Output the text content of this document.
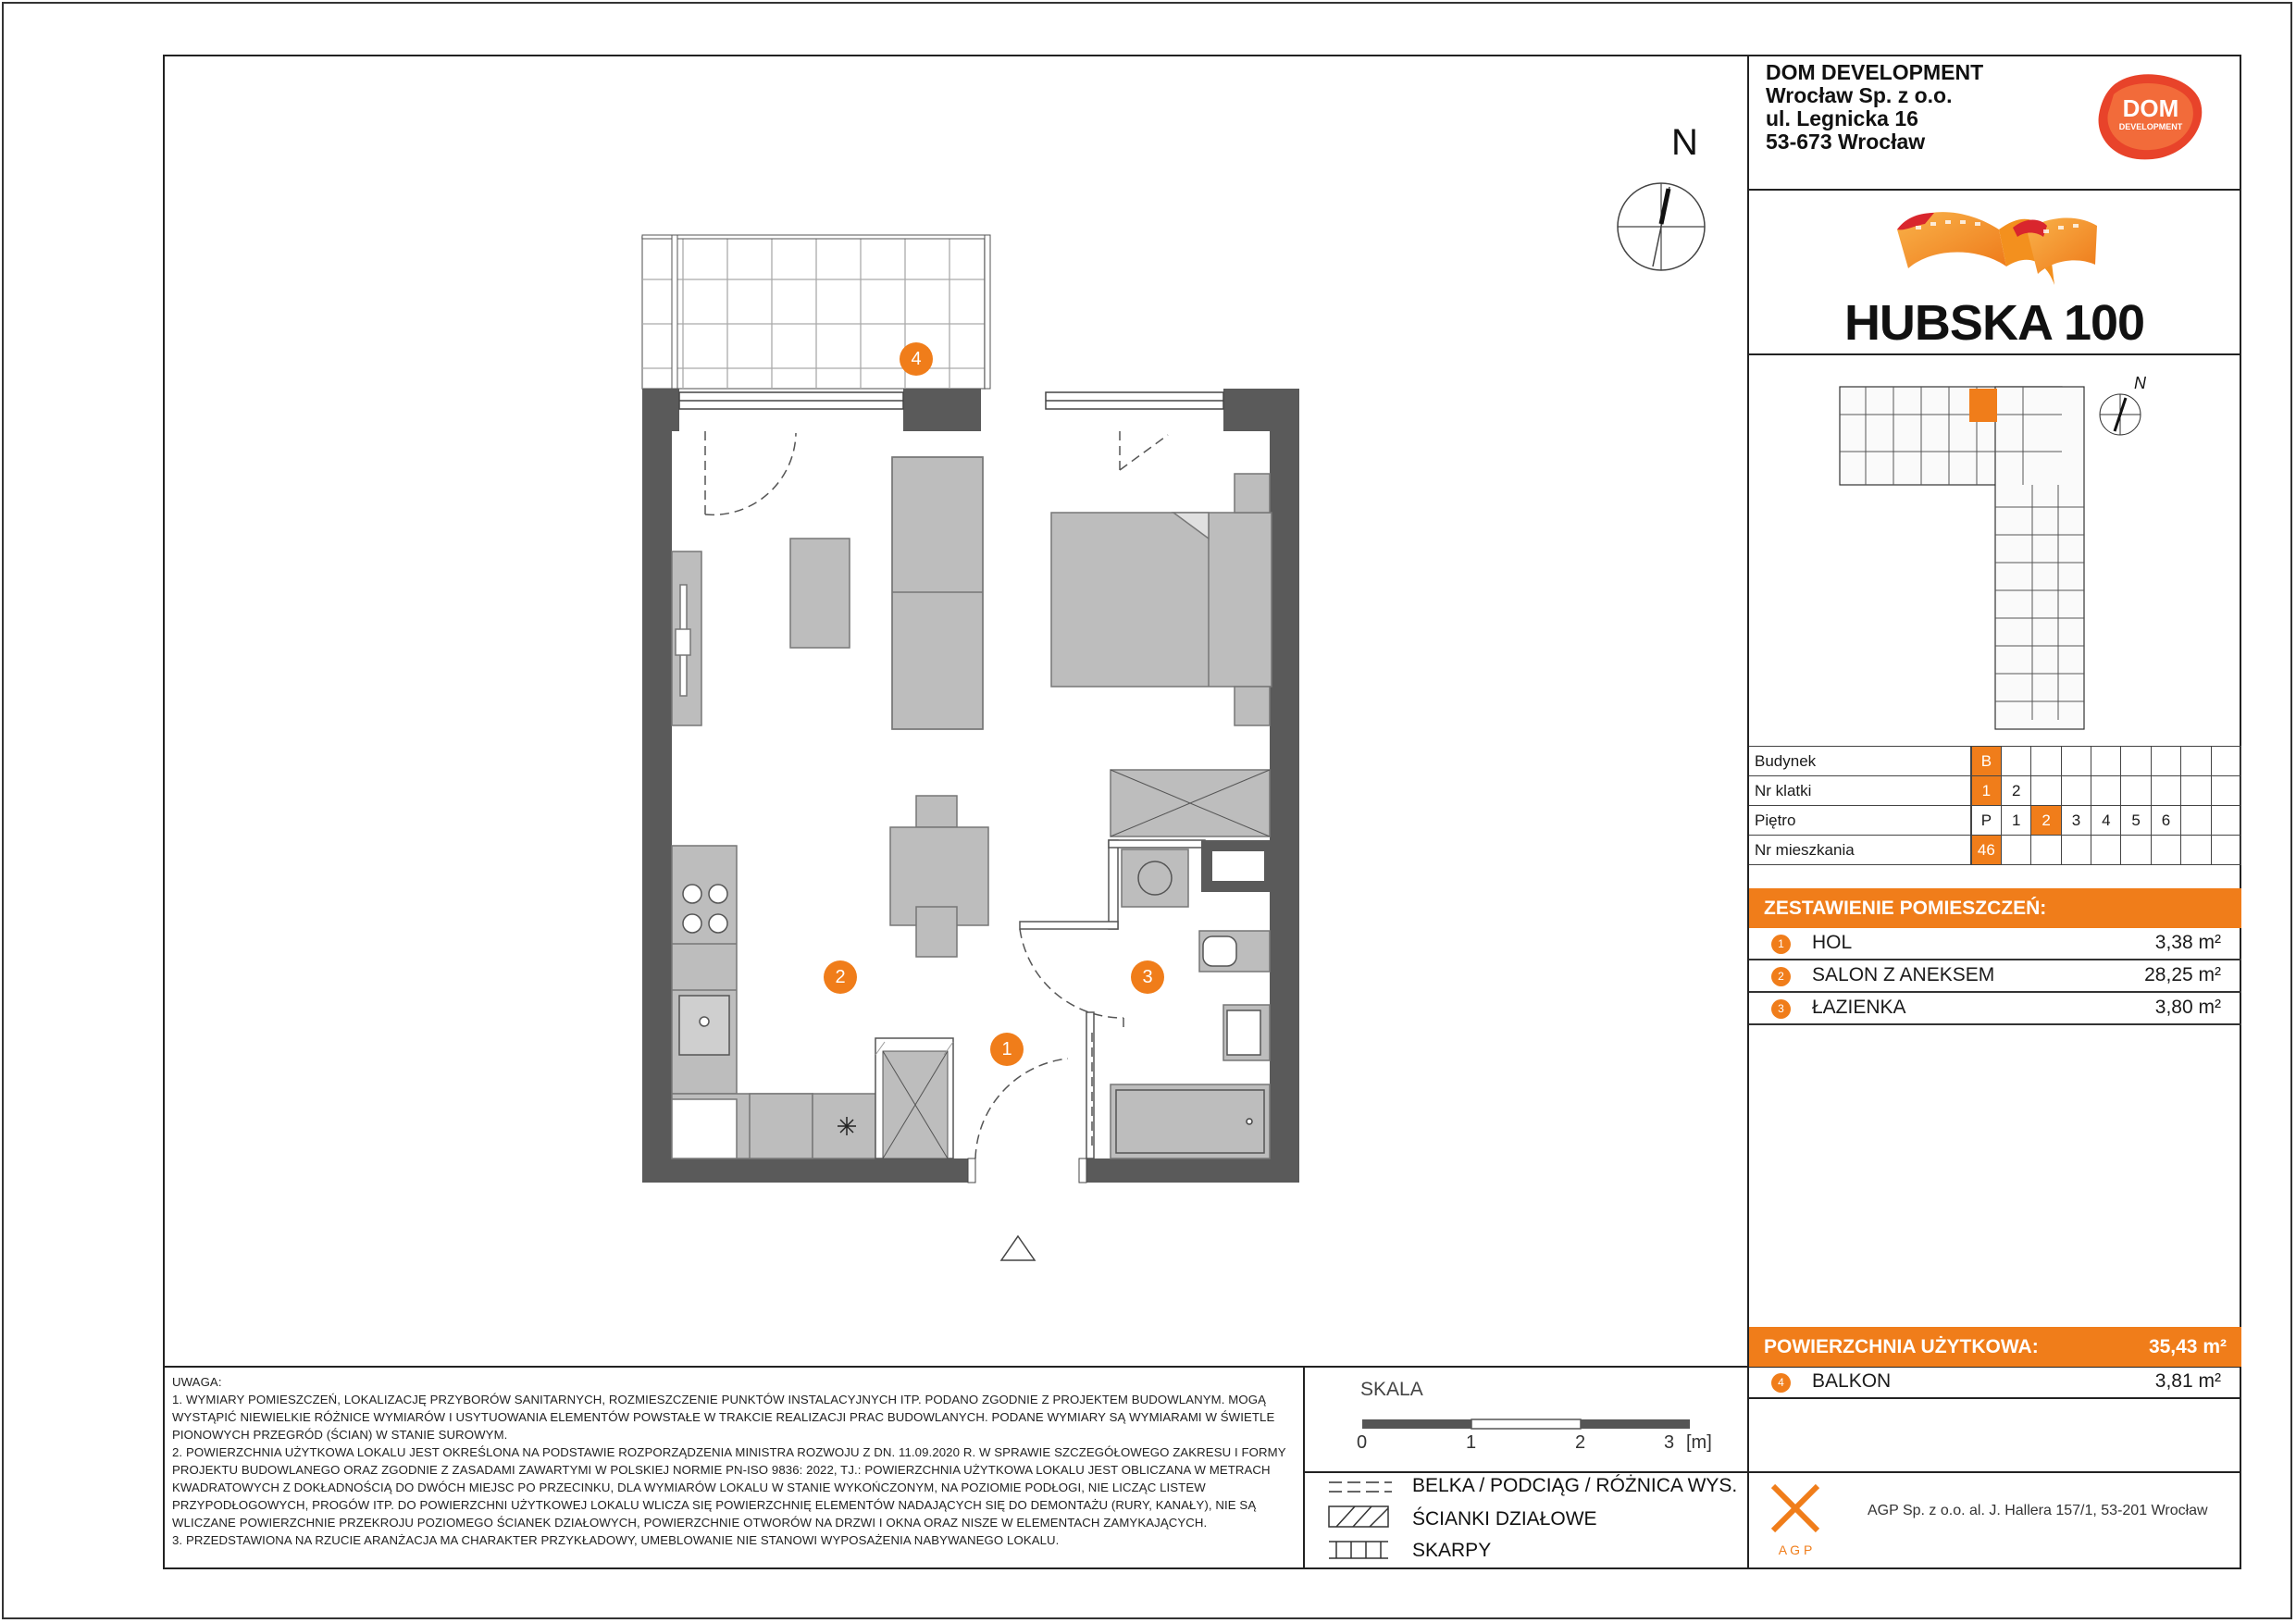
DOM DEVELOPMENT
Wrocław Sp. z o.o.
ul. Legnicka 16
53-673 Wrocław
DOM
DEVELOPMENT
HUBSKA 100
N
Budynek		B								
Nr klatki		1	2							
Piętro		P	1	2	3	4	5	6		
Nr mieszkania		46								
ZESTAWIENIE POMIESZCZEŃ:
1	HOL	3,38 m²
2	SALON Z ANEKSEM	28,25 m²
3	ŁAZIENKA	3,80 m²
POWIERZCHNIA UŻYTKOWA:	35,43 m²
4	BALKON	3,81 m²
N
4
2	3
1
UWAGA:
1. WYMIARY POMIESZCZEŃ, LOKALIZACJĘ PRZYBORÓW SANITARNYCH, ROZMIESZCZENIE PUNKTÓW INSTALACYJNYCH ITP. PODANO ZGODNIE Z PROJEKTEM BUDOWLANYM. MOGĄ WYSTĄPIĆ NIEWIELKIE RÓŻNICE WYMIARÓW I USYTUOWANIA ELEMENTÓW POWSTAŁE W TRAKCIE REALIZACJI PRAC BUDOWLANYCH. PODANE WYMIARY SĄ WYMIARAMI W ŚWIETLE PIONOWYCH PRZEGRÓD (ŚCIAN) W STANIE SUROWYM.
2. POWIERZCHNIA UŻYTKOWA LOKALU JEST OKREŚLONA NA PODSTAWIE ROZPORZĄDZENIA MINISTRA ROZWOJU Z DN. 11.09.2020 R. W SPRAWIE SZCZEGÓŁOWEGO ZAKRESU I FORMY PROJEKTU BUDOWLANEGO ORAZ ZGODNIE Z ZASADAMI ZAWARTYMI W POLSKIEJ NORMIE PN-ISO 9836: 2022, TJ.: POWIERZCHNIA UŻYTKOWA LOKALU JEST OBLICZANA W METRACH KWADRATOWYCH Z DOKŁADNOŚCIĄ DO DWÓCH MIEJSC PO PRZECINKU, DLA WYMIARÓW LOKALU W STANIE WYKOŃCZONYM, NA POZIOMIE PODŁOGI, NIE LICZĄC LISTEW PRZYPODŁOGOWYCH, PROGÓW ITP. DO POWIERZCHNI UŻYTKOWEJ LOKALU WLICZA SIĘ POWIERZCHNIĘ ELEMENTÓW NADAJĄCYCH SIĘ DO DEMONTAŻU (RURY, KANAŁY), NIE SĄ WLICZANE POWIERZCHNIE PRZEKROJU POZIOMEGO ŚCIANEK DZIAŁOWYCH, POWIERZCHNIE OTWORÓW NA DRZWI I OKNA ORAZ NISZE W ELEMENTACH ZAMYKAJĄCYCH.
3. PRZEDSTAWIONA NA RZUCIE ARANŻACJA MA CHARAKTER PRZYKŁADOWY, UMEBLOWANIE NIE STANOWI WYPOSAŻENIA NABYWANEGO LOKALU.
SKALA
0	1	2	3 [m]
BELKA / PODCIĄG / RÓŻNICA WYS.
ŚCIANKI DZIAŁOWE
SKARPY	A G P
AGP Sp. z o.o. al. J. Hallera 157/1, 53-201 Wrocław
